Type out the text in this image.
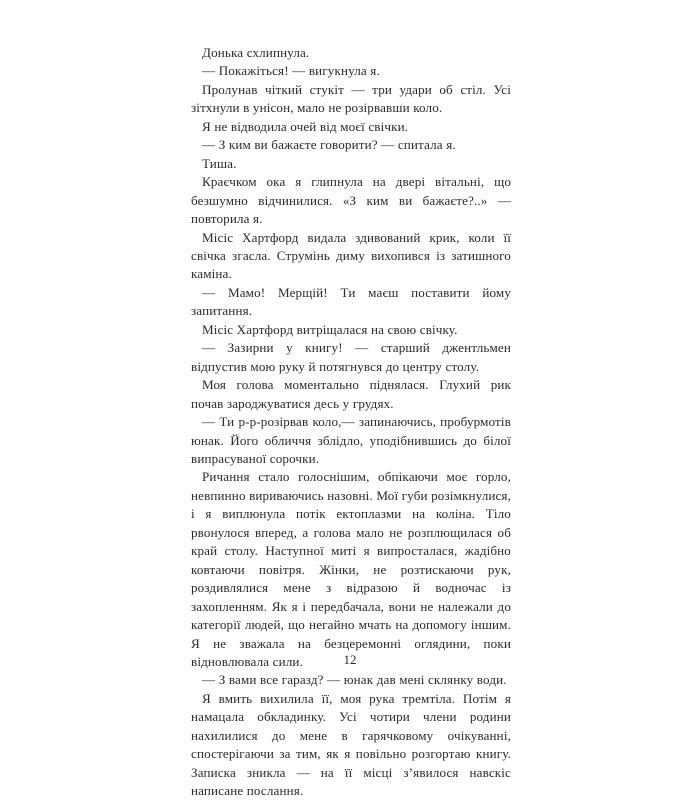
Донька схлипнула.

— Покажіться! — вигукнула я.

Пролунав чіткий стукіт — три удари об стіл. Усі зітхнули в унісон, мало не розірвавши коло.

Я не відводила очей від моєї свічки.

— З ким ви бажаєте говорити? — спитала я.

Тиша.

Краєчком ока я глипнула на двері вітальні, що безшумно відчинилися. «З ким ви бажаєте?..» — повторила я.

Місіс Хартфорд видала здивований крик, коли її свічка згасла. Струмінь диму вихопився із затишного каміна.

— Мамо! Мерщій! Ти маєш поставити йому запитання.

Місіс Хартфорд витріщалася на свою свічку.

— Зазирни у книгу! — старший джентльмен відпустив мою руку й потягнувся до центру столу.

Моя голова моментально піднялася. Глухий рик почав зароджуватися десь у грудях.

— Ти р-р-розірвав коло,— запинаючись, пробурмотів юнак. Його обличчя зблідло, уподібнившись до білої випрасуваної сорочки.

Ричання стало голоснішим, обпікаючи моє горло, невпинно вириваючись назовні. Мої губи розімкнулися, і я виплюнула потік ектоплазми на коліна. Тіло рвонулося вперед, а голова мало не розплющилася об край столу. Наступної миті я випросталася, жадібно ковтаючи повітря. Жінки, не розтискаючи рук, роздивлялися мене з відразою й водночас із захопленням. Як я і передбачала, вони не належали до категорії людей, що негайно мчать на допомогу іншим. Я не зважала на безцеремонні оглядини, поки відновлювала сили.

— З вами все гаразд? — юнак дав мені склянку води.

Я вмить вихилила її, моя рука тремтіла. Потім я намацала обкладинку. Усі чотири члени родини нахилилися до мене в гарячковому очікуванні, спостерігаючи за тим, як я повільно розгортаю книгу. Записка зникла — на її місці з’явилося навскіс написане послання.

12
